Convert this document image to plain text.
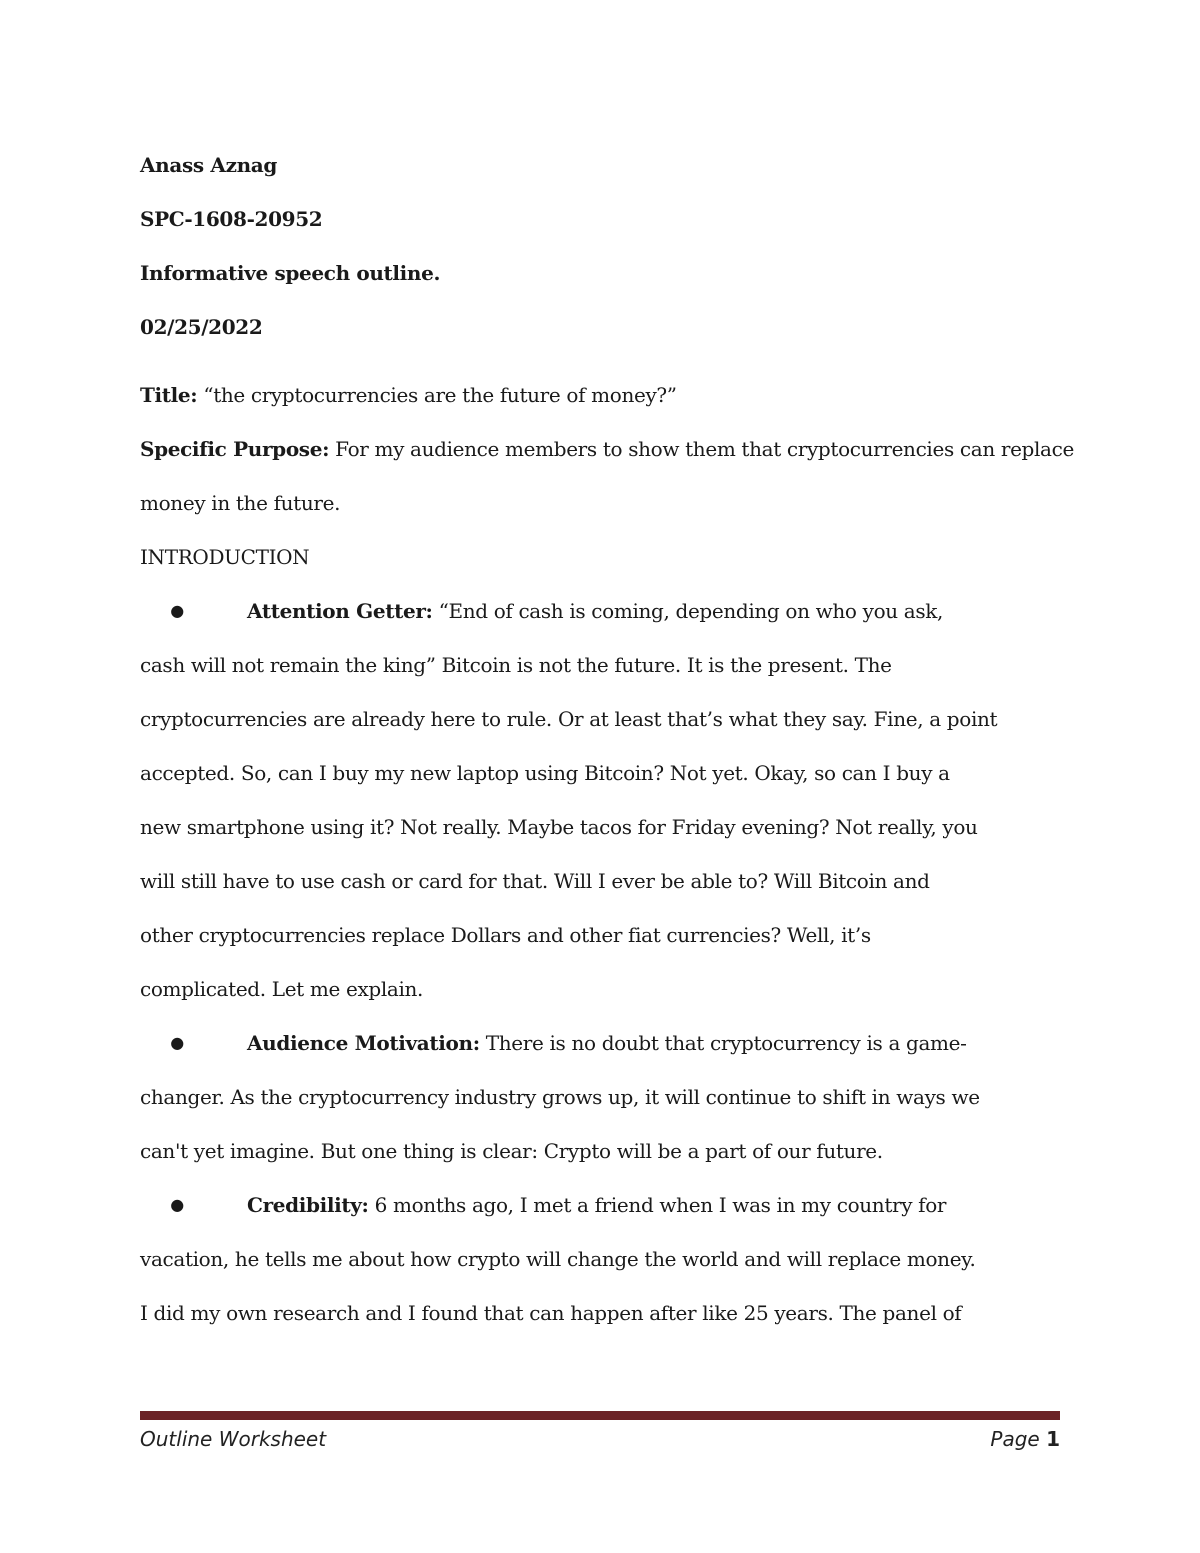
Anass Aznag

SPC-1608-20952

Informative speech outline.

02/25/2022

Title: “the cryptocurrencies are the future of money?”

Specific Purpose: For my audience members to show them that cryptocurrencies can replace

money in the future.

INTRODUCTION

●	Attention Getter: “End of cash is coming, depending on who you ask,
cash will not remain the king” Bitcoin is not the future. It is the present. The
cryptocurrencies are already here to rule. Or at least that’s what they say. Fine, a point
accepted. So, can I buy my new laptop using Bitcoin? Not yet. Okay, so can I buy a
new smartphone using it? Not really. Maybe tacos for Friday evening? Not really, you
will still have to use cash or card for that. Will I ever be able to? Will Bitcoin and
other cryptocurrencies replace Dollars and other fiat currencies? Well, it’s
complicated. Let me explain.
●	Audience Motivation: There is no doubt that cryptocurrency is a game-
changer. As the cryptocurrency industry grows up, it will continue to shift in ways we
can't yet imagine. But one thing is clear: Crypto will be a part of our future.
●	Credibility: 6 months ago, I met a friend when I was in my country for
vacation, he tells me about how crypto will change the world and will replace money.
I did my own research and I found that can happen after like 25 years. The panel of
Outline Worksheet	Page 1
